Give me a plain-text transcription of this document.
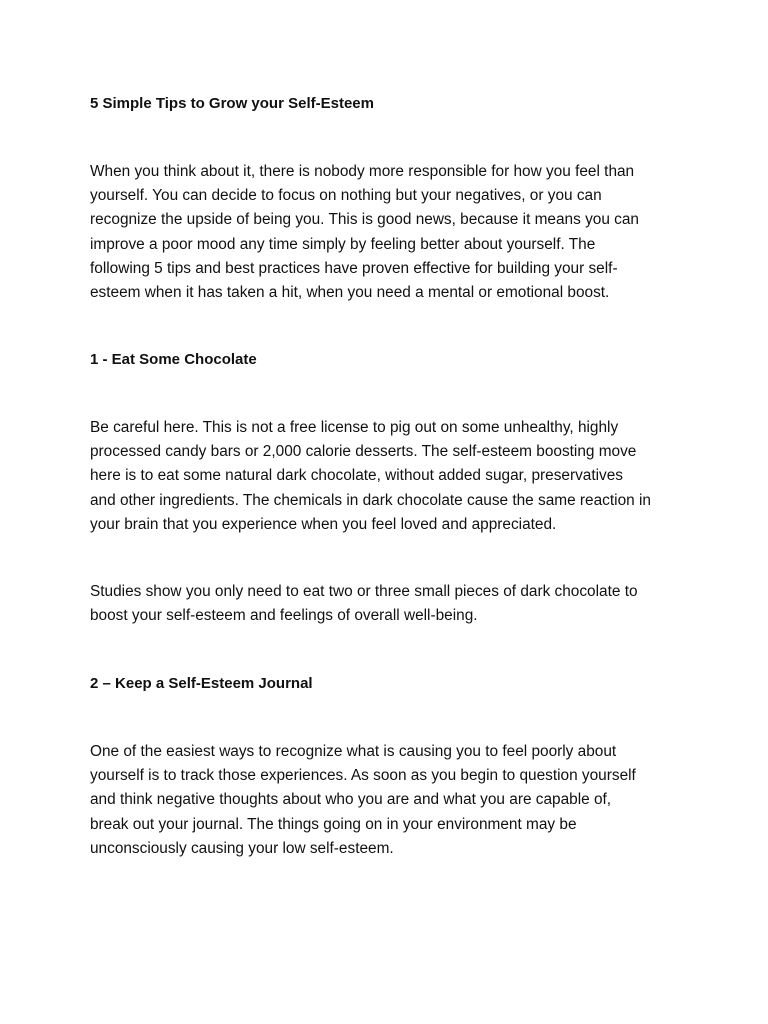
5 Simple Tips to Grow your Self-Esteem

When you think about it, there is nobody more responsible for how you feel than
yourself. You can decide to focus on nothing but your negatives, or you can
recognize the upside of being you. This is good news, because it means you can
improve a poor mood any time simply by feeling better about yourself. The
following 5 tips and best practices have proven effective for building your self-
esteem when it has taken a hit, when you need a mental or emotional boost.

1 - Eat Some Chocolate

Be careful here. This is not a free license to pig out on some unhealthy, highly
processed candy bars or 2,000 calorie desserts. The self-esteem boosting move
here is to eat some natural dark chocolate, without added sugar, preservatives
and other ingredients. The chemicals in dark chocolate cause the same reaction in
your brain that you experience when you feel loved and appreciated.

Studies show you only need to eat two or three small pieces of dark chocolate to
boost your self-esteem and feelings of overall well-being.

2 – Keep a Self-Esteem Journal

One of the easiest ways to recognize what is causing you to feel poorly about
yourself is to track those experiences. As soon as you begin to question yourself
and think negative thoughts about who you are and what you are capable of,
break out your journal. The things going on in your environment may be
unconsciously causing your low self-esteem.
